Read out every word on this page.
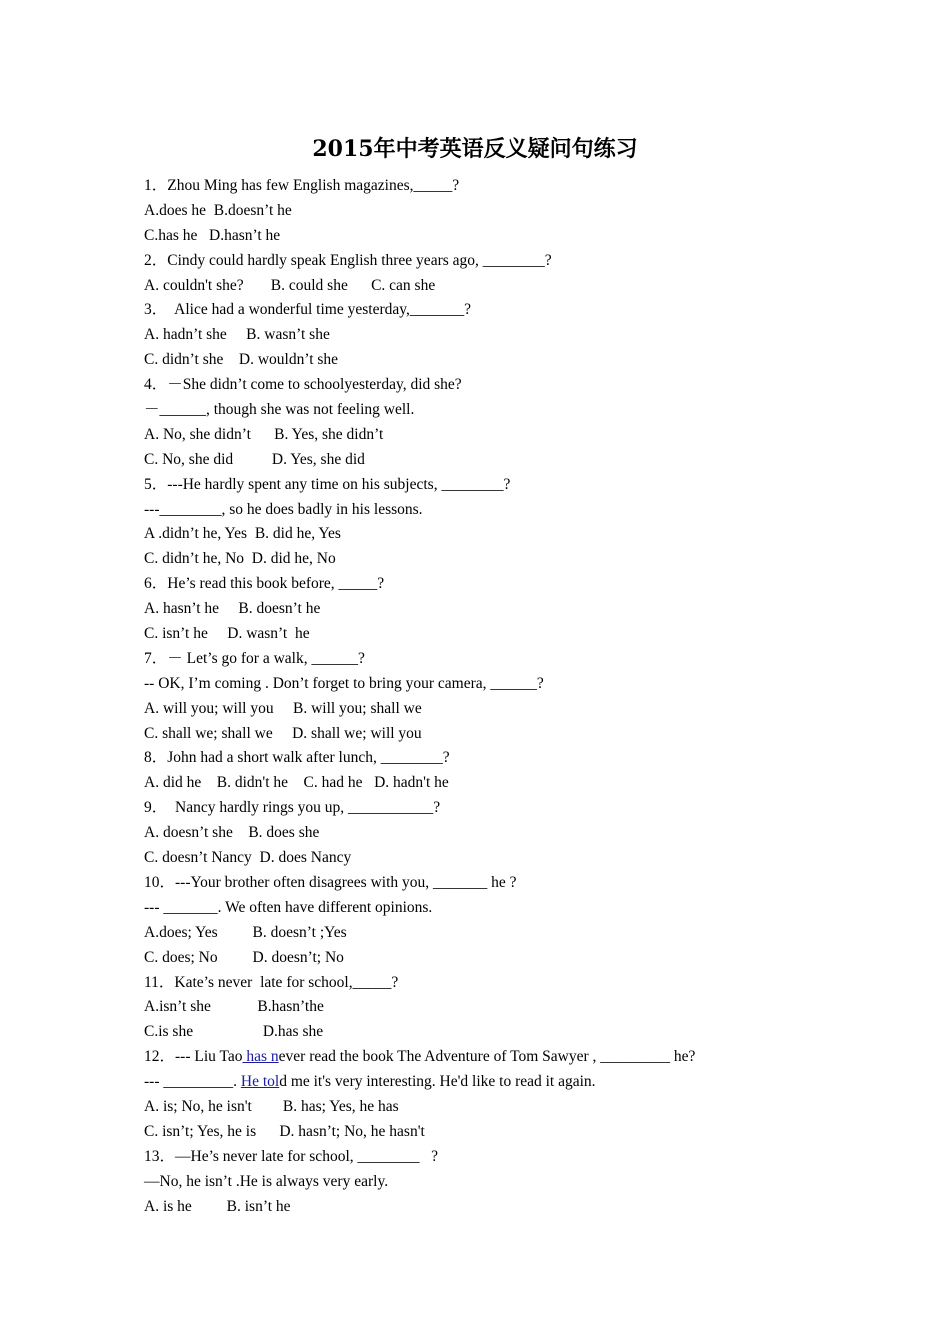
2015年中考英语反义疑问句练习
1．Zhou Ming has few English magazines,_____?
A.does he  B.doesn’t he
C.has he   D.hasn’t he
2．Cindy could hardly speak English three years ago, ________?
A. couldn't she?       B. could she      C. can she
3．  Alice had a wonderful time yesterday,_______?
A. hadn’t she     B. wasn’t she
C. didn’t she    D. wouldn’t she
4．－She didn’t come to schoolyesterday, did she?
－______, though she was not feeling well.
A. No, she didn’t      B. Yes, she didn’t
C. No, she did          D. Yes, she did
5．---He hardly spent any time on his subjects, ________?
---________, so he does badly in his lessons.
A .didn’t he, Yes  B. did he, Yes
C. didn’t he, No  D. did he, No
6．He’s read this book before, _____?
A. hasn’t he     B. doesn’t he
C. isn’t he     D. wasn’t  he
7．－ Let’s go for a walk, ______?
-- OK, I’m coming . Don’t forget to bring your camera, ______?
A. will you; will you     B. will you; shall we
C. shall we; shall we     D. shall we; will you
8．John had a short walk after lunch, ________?
A. did he    B. didn't he    C. had he   D. hadn't he
9．  Nancy hardly rings you up, ___________?
A. doesn’t she    B. does she
C. doesn’t Nancy  D. does Nancy
10．---Your brother often disagrees with you, _______ he ?
--- _______. We often have different opinions.
A.does; Yes         B. doesn’t ;Yes
C. does; No         D. doesn’t; No
11．Kate’s never  late for school,_____?
A.isn’t she            B.hasn’the
C.is she                  D.has she
12．--- Liu Tao has never read the book The Adventure of Tom Sawyer , _________ he?
--- _________. He told me it's very interesting. He'd like to read it again.
A. is; No, he isn't        B. has; Yes, he has
C. isn’t; Yes, he is      D. hasn’t; No, he hasn't
13．—He’s never late for school, ________   ?
—No, he isn’t .He is always very early.
A. is he         B. isn’t he
